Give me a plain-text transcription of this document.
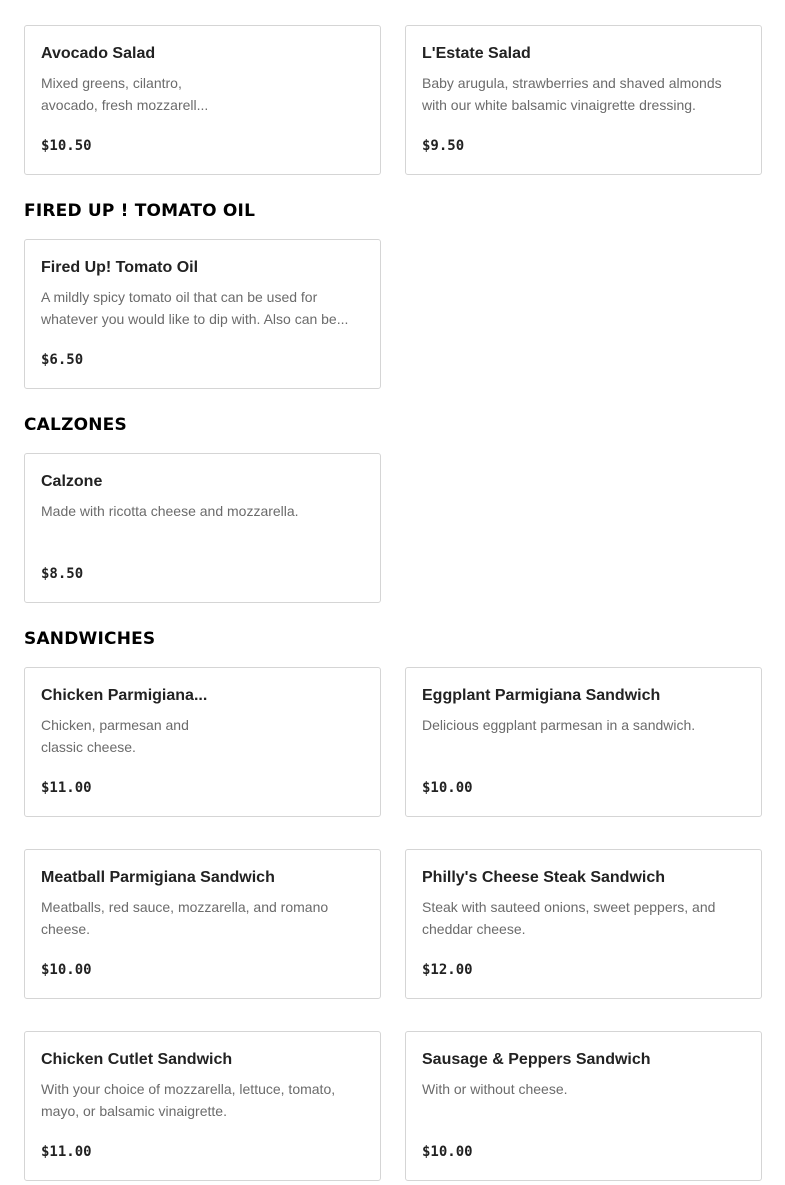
Avocado Salad
Mixed greens, cilantro,
avocado, fresh mozzarell...
$10.50
L'Estate Salad
Baby arugula, strawberries and shaved almonds
with our white balsamic vinaigrette dressing.
$9.50
FIRED UP ! TOMATO OIL
Fired Up! Tomato Oil
A mildly spicy tomato oil that can be used for
whatever you would like to dip with. Also can be...
$6.50
CALZONES
Calzone
Made with ricotta cheese and mozzarella.
$8.50
SANDWICHES
Chicken Parmigiana...
Chicken, parmesan and
classic cheese.
$11.00
Eggplant Parmigiana Sandwich
Delicious eggplant parmesan in a sandwich.
$10.00
Meatball Parmigiana Sandwich
Meatballs, red sauce, mozzarella, and romano
cheese.
$10.00
Philly's Cheese Steak Sandwich
Steak with sauteed onions, sweet peppers, and
cheddar cheese.
$12.00
Chicken Cutlet Sandwich
With your choice of mozzarella, lettuce, tomato,
mayo, or balsamic vinaigrette.
$11.00
Sausage & Peppers Sandwich
With or without cheese.
$10.00
